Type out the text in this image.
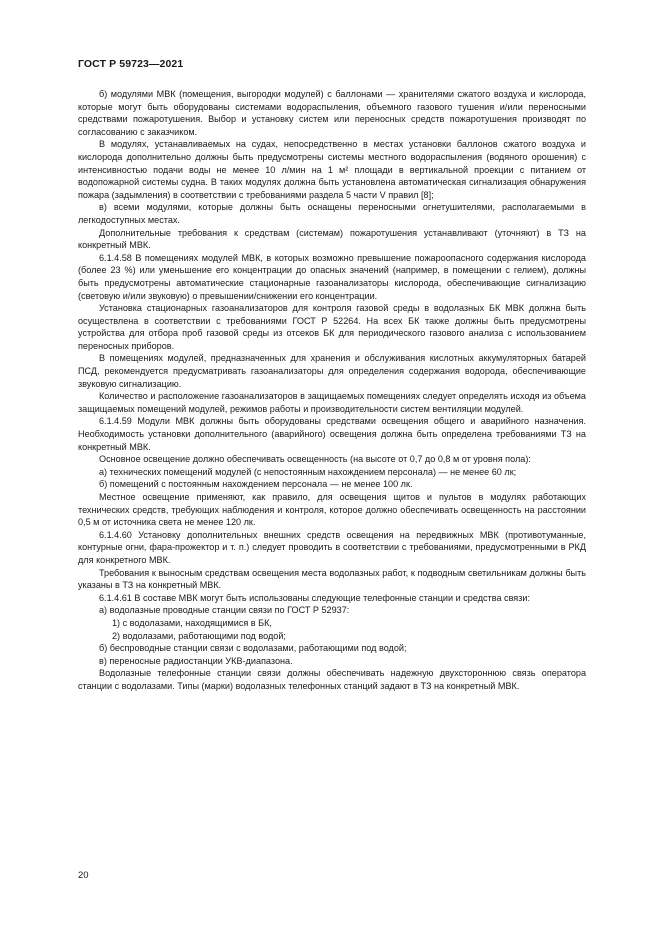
ГОСТ Р 59723—2021

б) модулями МВК (помещения, выгородки модулей) с баллонами — хранителями сжатого воздуха и кислорода, которые могут быть оборудованы системами водораспыления, объемного газового тушения и/или переносными средствами пожаротушения. Выбор и установку систем или переносных средств пожаротушения производят по согласованию с заказчиком.

В модулях, устанавливаемых на судах, непосредственно в местах установки баллонов сжатого воздуха и кислорода дополнительно должны быть предусмотрены системы местного водораспыления (водяного орошения) с интенсивностью подачи воды не менее 10 л/мин на 1 м² площади в вертикальной проекции с питанием от водопожарной системы судна. В таких модулях должна быть установлена автоматическая сигнализация обнаружения пожара (задымления) в соответствии с требованиями раздела 5 части V правил [8];

в) всеми модулями, которые должны быть оснащены переносными огнетушителями, располагаемыми в легкодоступных местах.

Дополнительные требования к средствам (системам) пожаротушения устанавливают (уточняют) в ТЗ на конкретный МВК.

6.1.4.58 В помещениях модулей МВК, в которых возможно превышение пожароопасного содержания кислорода (более 23 %) или уменьшение его концентрации до опасных значений (например, в помещении с гелием), должны быть предусмотрены автоматические стационарные газоанализаторы кислорода, обеспечивающие сигнализацию (световую и/или звуковую) о превышении/снижении его концентрации.

Установка стационарных газоанализаторов для контроля газовой среды в водолазных БК МВК должна быть осуществлена в соответствии с требованиями ГОСТ Р 52264. На всех БК также должны быть предусмотрены устройства для отбора проб газовой среды из отсеков БК для периодического газового анализа с использованием переносных приборов.

В помещениях модулей, предназначенных для хранения и обслуживания кислотных аккумуляторных батарей ПСД, рекомендуется предусматривать газоанализаторы для определения содержания водорода, обеспечивающие звуковую сигнализацию.

Количество и расположение газоанализаторов в защищаемых помещениях следует определять исходя из объема защищаемых помещений модулей, режимов работы и производительности систем вентиляции модулей.

6.1.4.59 Модули МВК должны быть оборудованы средствами освещения общего и аварийного назначения. Необходимость установки дополнительного (аварийного) освещения должна быть определена требованиями ТЗ на конкретный МВК.

Основное освещение должно обеспечивать освещенность (на высоте от 0,7 до 0,8 м от уровня пола):

а) технических помещений модулей (с непостоянным нахождением персонала) — не менее 60 лк;

б) помещений с постоянным нахождением персонала — не менее 100 лк.

Местное освещение применяют, как правило, для освещения щитов и пультов в модулях работающих технических средств, требующих наблюдения и контроля, которое должно обеспечивать освещенность на расстоянии 0,5 м от источника света не менее 120 лк.

6.1.4.60 Установку дополнительных внешних средств освещения на передвижных МВК (противотуманные, контурные огни, фара-прожектор и т. п.) следует проводить в соответствии с требованиями, предусмотренными в РКД для конкретного МВК.

Требования к выносным средствам освещения места водолазных работ, к подводным светильникам должны быть указаны в ТЗ на конкретный МВК.

6.1.4.61 В составе МВК могут быть использованы следующие телефонные станции и средства связи:

а) водолазные проводные станции связи по ГОСТ Р 52937:

1) с водолазами, находящимися в БК,

2) водолазами, работающими под водой;

б) беспроводные станции связи с водолазами, работающими под водой;

в) переносные радиостанции УКВ-диапазона.

Водолазные телефонные станции связи должны обеспечивать надежную двухстороннюю связь оператора станции с водолазами. Типы (марки) водолазных телефонных станций задают в ТЗ на конкретный МВК.

20
